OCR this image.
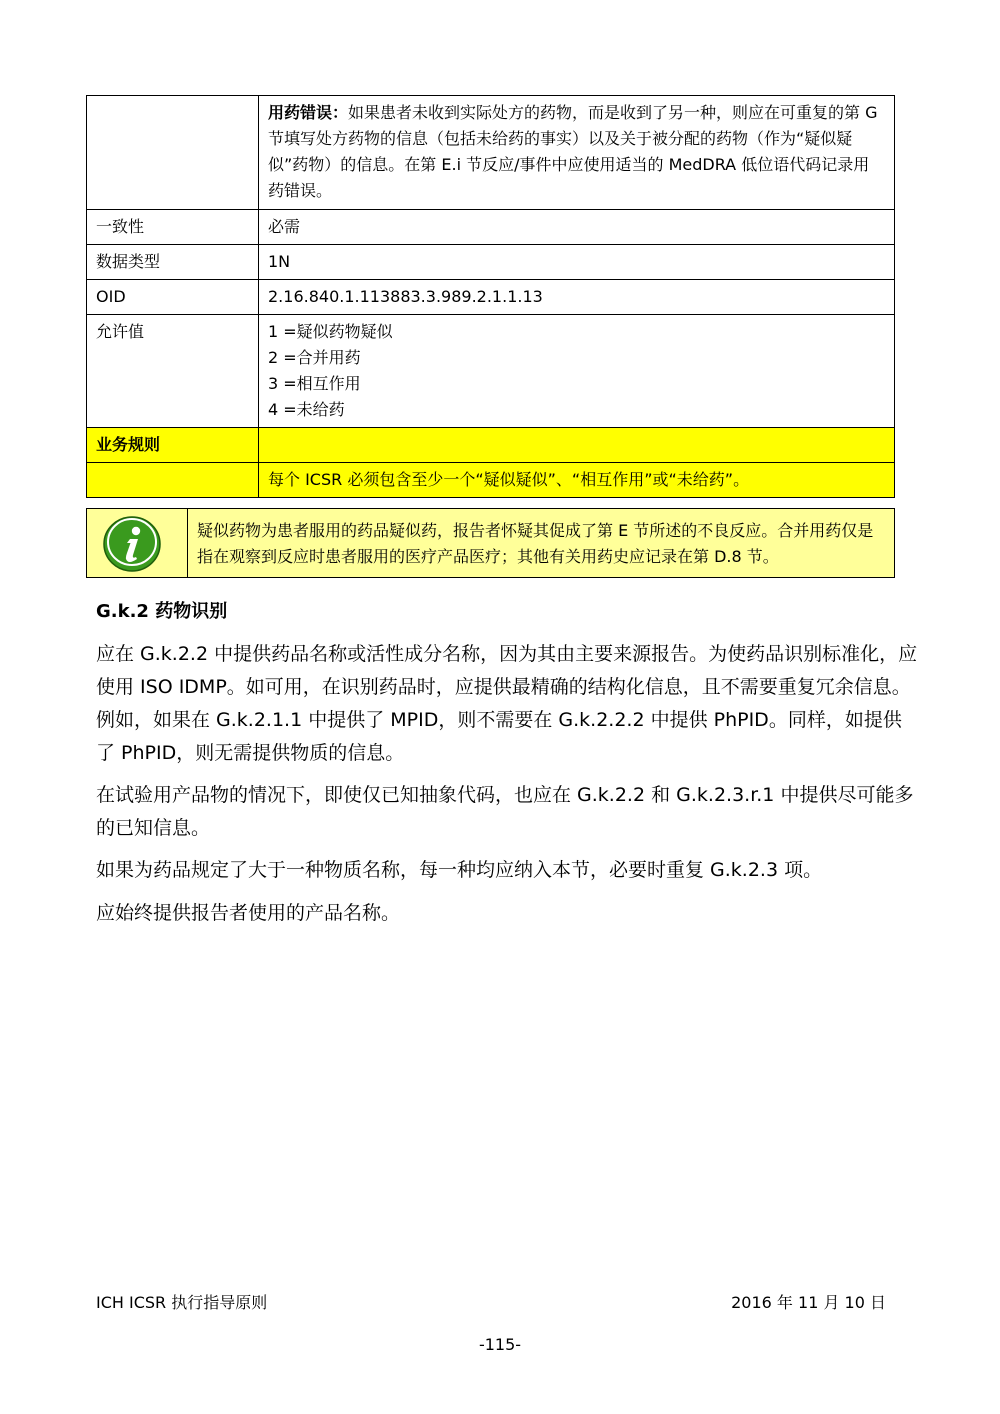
	用药错误：如果患者未收到实际处方的药物，而是收到了另一种，则应在可重复的第 G 节填写处方药物的信息（包括未给药的事实）以及关于被分配的药物（作为“疑似疑似”药物）的信息。在第 E.i 节反应/事件中应使用适当的 MedDRA 低位语代码记录用药错误。
一致性	必需
数据类型	1N
OID	2.16.840.1.113883.3.989.2.1.1.13
允许值	1 =疑似药物疑似
2 =合并用药
3 =相互作用
4 =未给药

业务规则	
	每个 ICSR 必须包含至少一个“疑似疑似”、“相互作用”或“未给药”。
疑似药物为患者服用的药品疑似药，报告者怀疑其促成了第 E 节所述的不良反应。合并用药仅是指在观察到反应时患者服用的医疗产品医疗；其他有关用药史应记录在第 D.8 节。
G.k.2 药物识别

应在 G.k.2.2 中提供药品名称或活性成分名称，因为其由主要来源报告。为使药品识别标准化，应使用 ISO IDMP。如可用，在识别药品时，应提供最精确的结构化信息，且不需要重复冗余信息。例如，如果在 G.k.2.1.1 中提供了 MPID，则不需要在 G.k.2.2.2 中提供 PhPID。同样，如提供了 PhPID，则无需提供物质的信息。

在试验用产品物的情况下，即使仅已知抽象代码，也应在 G.k.2.2 和 G.k.2.3.r.1 中提供尽可能多的已知信息。

如果为药品规定了大于一种物质名称，每一种均应纳入本节，必要时重复 G.k.2.3 项。

应始终提供报告者使用的产品名称。

ICH ICSR 执行指导原则	2016 年 11 月 10 日
-115-
